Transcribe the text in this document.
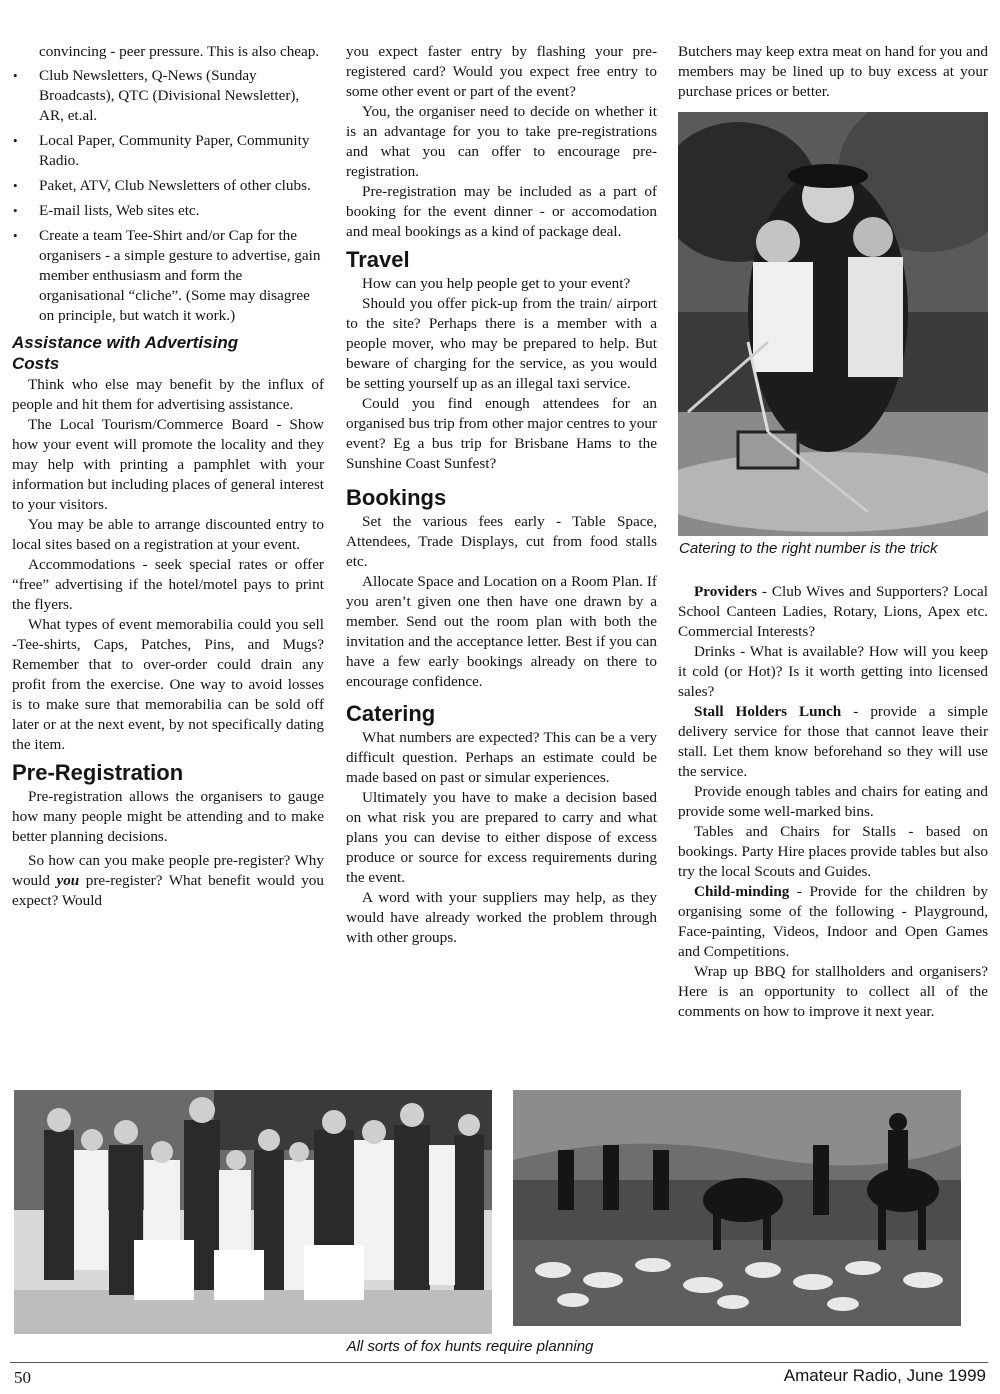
convincing - peer pressure. This is also cheap.

• Club Newsletters, Q-News (Sunday Broadcasts), QTC (Divisional Newsletter), AR, et.al.
• Local Paper, Community Paper, Community Radio.
• Paket, ATV, Club Newsletters of other clubs.
• E-mail lists, Web sites etc.
• Create a team Tee-Shirt and/or Cap for the organisers - a simple gesture to advertise, gain member enthusiasm and form the organisational “cliche”. (Some may disagree on principle, but watch it work.)
Assistance with Advertising Costs

Think who else may benefit by the influx of people and hit them for advertising assistance.

The Local Tourism/Commerce Board - Show how your event will promote the locality and they may help with printing a pamphlet with your information but including places of general interest to your visitors.

You may be able to arrange discounted entry to local sites based on a registration at your event.

Accommodations - seek special rates or offer “free” advertising if the hotel/motel pays to print the flyers.

What types of event memorabilia could you sell -Tee-shirts, Caps, Patches, Pins, and Mugs? Remember that to over-order could drain any profit from the exercise. One way to avoid losses is to make sure that memorabilia can be sold off later or at the next event, by not specifically dating the item.

Pre-Registration

Pre-registration allows the organisers to gauge how many people might be attending and to make better planning decisions.

So how can you make people pre-register? Why would you pre-register? What benefit would you expect? Would

you expect faster entry by flashing your pre-registered card? Would you expect free entry to some other event or part of the event?

You, the organiser need to decide on whether it is an advantage for you to take pre-registrations and what you can offer to encourage pre-registration.

Pre-registration may be included as a part of booking for the event dinner - or accomodation and meal bookings as a kind of package deal.

Travel

How can you help people get to your event?

Should you offer pick-up from the train/ airport to the site? Perhaps there is a member with a people mover, who may be prepared to help. But beware of charging for the service, as you would be setting yourself up as an illegal taxi service.

Could you find enough attendees for an organised bus trip from other major centres to your event? Eg a bus trip for Brisbane Hams to the Sunshine Coast Sunfest?

Bookings

Set the various fees early - Table Space, Attendees, Trade Displays, cut from food stalls etc.

Allocate Space and Location on a Room Plan. If you aren’t given one then have one drawn by a member. Send out the room plan with both the invitation and the acceptance letter. Best if you can have a few early bookings already on there to encourage confidence.

Catering

What numbers are expected? This can be a very difficult question. Perhaps an estimate could be made based on past or simular experiences.

Ultimately you have to make a decision based on what risk you are prepared to carry and what plans you can devise to either dispose of excess produce or source for excess requirements during the event.

A word with your suppliers may help, as they would have already worked the problem through with other groups.

Butchers may keep extra meat on hand for you and members may be lined up to buy excess at your purchase prices or better.

Catering to the right number is the trick

Providers - Club Wives and Supporters? Local School Canteen Ladies, Rotary, Lions, Apex etc. Commercial Interests?

Drinks - What is available? How will you keep it cold (or Hot)? Is it worth getting into licensed sales?

Stall Holders Lunch - provide a simple delivery service for those that cannot leave their stall. Let them know beforehand so they will use the service.

Provide enough tables and chairs for eating and provide some well-marked bins.

Tables and Chairs for Stalls - based on bookings. Party Hire places provide tables but also try the local Scouts and Guides.

Child-minding - Provide for the children by organising some of the following - Playground, Face-painting, Videos, Indoor and Open Games and Competitions.

Wrap up BBQ for stallholders and organisers? Here is an opportunity to collect all of the comments on how to improve it next year.

All sorts of fox hunts require planning
50	Amateur Radio, June 1999
